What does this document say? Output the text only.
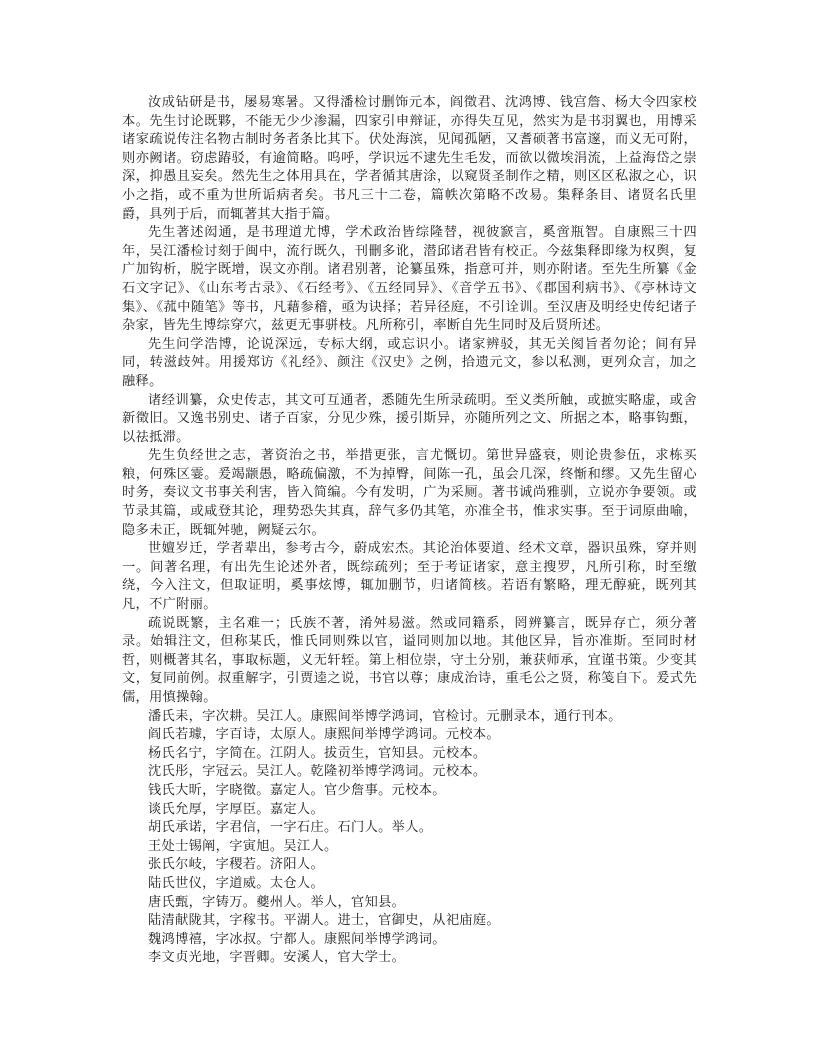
汝成钻研是书，屡易寒暑。又得潘检讨删饰元本，阎徵君、沈鸿博、钱宫詹、杨大令四家校本。先生讨论既夥，不能无少少渗漏，四家引申辩证，亦得失互见，然实为是书羽翼也，用博采诸家疏说传注名物古制时务者条比其下。伏处海滨，见闻孤陋，又耆硕著书富邃，而义无可附，则亦阙诸。窃虑踳驳，有逾简略。呜呼，学识远不逮先生毛发，而欲以微埃涓流，上益海岱之崇深，抑愚且妄矣。然先生之体用具在，学者循其唐涂，以窥贤圣制作之精，则区区私淑之心，识小之指，或不重为世所诟病者矣。书凡三十二卷，篇帙次第略不改易。集释条目、诸贤名氏里爵，具列于后，而辄著其大指于篇。

先生著述闳通，是书理道尤博，学术政治皆综隆替，视彼窾言，奚啻瓶智。自康熙三十四年，吴江潘检讨刻于闽中，流行既久，刊刪多讹，潜邱诸君皆有校正。今兹集释即缘为权舆，复广加钩析，脱字既增，误文亦削。诸君别著，论纂虽殊，指意可并，则亦附诸。至先生所纂《金石文字记》、《山东考古录》、《石经考》、《五经同异》、《音学五书》、《郡国利病书》、《亭林诗文集》、《菰中随笔》等书，凡藉参稽，亟为诀择；若异径庭，不引诠训。至汉唐及明经史传纪诸子杂家，皆先生博综穿穴，兹更无事骈枝。凡所称引，率断自先生同时及后贤所述。

先生问学浩博，论说深远，专标大纲，或忘识小。诸家辨驳，其无关阂旨者勿论；间有异同，转滋歧舛。用援郑访《礼经》、颜注《汉史》之例，拾遗元文，参以私测，更列众言，加之融释。

诸经训纂，众史传志，其文可互通者，悉随先生所录疏明。至义类所触，或摭实略虚，或舍新徵旧。又逸书别史、诸子百家，分见少殊，援引斯异，亦随所列之文、所据之本，略事钩甄，以祛抵滞。

先生负经世之志，著资治之书，举措更张，言尤慨切。第世异盛衰，则论贵参伍，求栋买粮，何殊区霎。爰竭颛愚，略疏偏激，不为掉臀，间陈一孔，虽会几深，终惭和缪。又先生留心时务，奏议文书事关利害，皆入简编。今有发明，广为采厕。著书诚尚雅驯，立说亦争要领。或节录其篇，或咸登其论，理势恐失其真，辞气多仍其笔，亦准全书，惟求实事。至于词原曲喻，隐多未正，既辄舛驰，阙疑云尔。

世嬗岁迁，学者辈出，参考古今，蔚成宏杰。其论治体要道、经术文章，器识虽殊，穿并则一。间著名理，有出先生论述外者，既综疏列；至于考证诸家，意主搜罗，凡所引称，时至缴绕，今入注文，但取证明，奚事炫博，辄加删节，归诸简核。若语有繁略，理无醇疵，既列其凡，不广附丽。

疏说既繁，主名难一；氏族不著，淆舛易滋。然或同籍系，罔辨纂言，既异存亡，须分著录。始辑注文，但称某氏，惟氏同则殊以官，谥同则加以地。其他区异，旨亦准斯。至同时材哲，则概著其名，事取标题，义无轩轾。第上相位崇，守土分别，兼获师承，宜谨书策。少变其文，复同前例。叔重解字，引贾逵之说，书官以尊；康成治诗，重毛公之贤，称笺自下。爰式先儒，用慎操翰。

潘氏耒，字次耕。吴江人。康熙间举博学鸿词，官检讨。元删录本，通行刊本。
阎氏若璩，字百诗，太原人。康熙间举博学鸿词。元校本。
杨氏名宁，字简在。江阴人。拔贡生，官知县。元校本。
沈氏彤，字冠云。吴江人。乾隆初举博学鸿词。元校本。
钱氏大昕，字晓徵。嘉定人。官少詹事。元校本。
谈氏允厚，字厚臣。嘉定人。
胡氏承诺，字君信，一字石庄。石门人。举人。
王处士锡阐，字寅旭。吴江人。
张氏尔岐，字稷若。济阳人。
陆氏世仪，字道威。太仓人。
唐氏甄，字铸万。夔州人。举人，官知县。
陆清献陇其，字稼书。平湖人。进士，官御史，从祀庙庭。
魏鸿博禧，字冰叔。宁都人。康熙间举博学鸿词。
李文贞光地，字晋卿。安溪人，官大学士。
